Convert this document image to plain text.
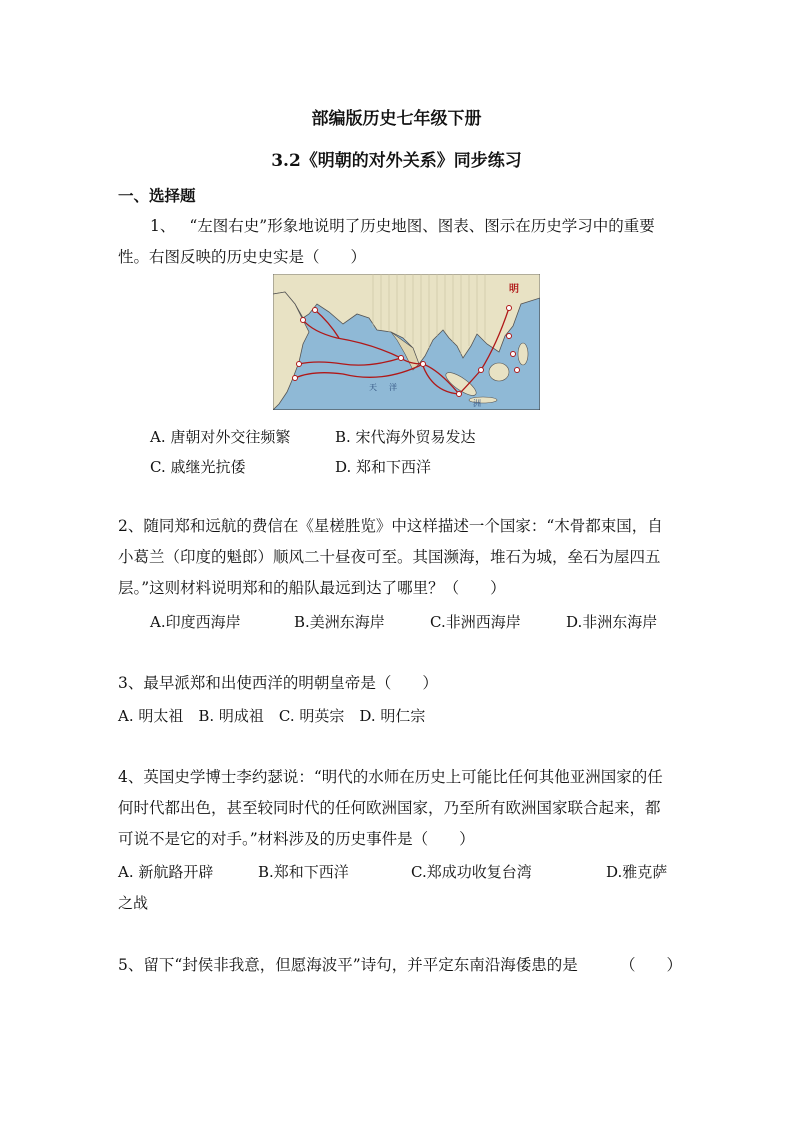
部编版历史七年级下册
3.2《明朝的对外关系》同步练习
一、选择题
1、 “左图右史”形象地说明了历史地图、图表、图示在历史学习中的重要
性。右图反映的历史史实是（　　）
明
天 洋
洲
A. 唐朝对外交往频繁	B. 宋代海外贸易发达
C. 戚继光抗倭	D. 郑和下西洋
2、随同郑和远航的费信在《星槎胜览》中这样描述一个国家：“木骨都束国，自
小葛兰（印度的魁郎）顺风二十昼夜可至。其国濒海，堆石为城，垒石为屋四五
层。”这则材料说明郑和的船队最远到达了哪里？（　　）
A.印度西海岸	B.美洲东海岸	C.非洲西海岸	D.非洲东海岸
3、最早派郑和出使西洋的明朝皇帝是（　　）
A. 明太祖　B. 明成祖　C. 明英宗　D. 明仁宗
4、英国史学博士李约瑟说：“明代的水师在历史上可能比任何其他亚洲国家的任
何时代都出色，甚至较同时代的任何欧洲国家，乃至所有欧洲国家联合起来，都
可说不是它的对手。”材料涉及的历史事件是（　　）
A. 新航路开辟	B.郑和下西洋	C.郑成功收复台湾	D.雅克萨
之战
5、留下“封侯非我意，但愿海波平”诗句，并平定东南沿海倭患的是	（　　）
